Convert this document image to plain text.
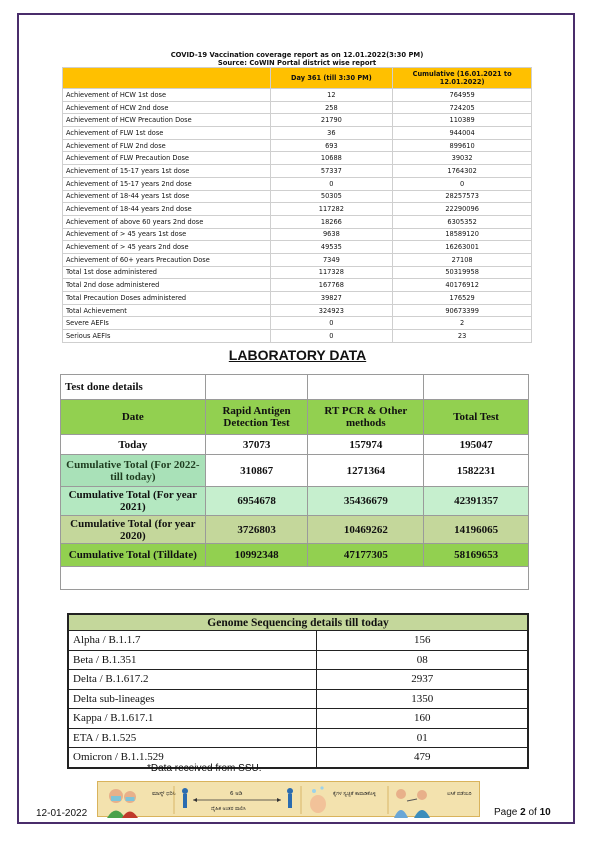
COVID-19 Vaccination coverage report as on 12.01.2022(3:30 PM)		
Source: CoWIN Portal district wise report		
	Day 361 (till 3:30 PM)	Cumulative (16.01.2021 to 12.01.2022)
Achievement of HCW 1st dose	12	764959
Achievement of HCW 2nd dose	258	724205
Achievement of HCW Precaution Dose	21790	110389
Achievement of FLW 1st dose	36	944004
Achievement of FLW 2nd dose	693	899610
Achievement of FLW Precaution Dose	10688	39032
Achievement of 15-17 years 1st dose	57337	1764302
Achievement of 15-17 years 2nd dose	0	0
Achievement of 18-44 years 1st dose	50305	28257573
Achievement of 18-44 years 2nd dose	117282	22290096
Achievement of above 60 years 2nd dose	18266	6305352
Achievement of > 45 years 1st dose	9638	18589120
Achievement of > 45 years 2nd dose	49535	16263001
Achievement of 60+ years Precaution Dose	7349	27108
Total 1st dose administered	117328	50319958
Total 2nd dose administered	167768	40176912
Total Precaution Doses administered	39827	176529
Total Achievement	324923	90673399
Severe AEFIs	0	2
Serious AEFIs	0	23
LABORATORY DATA
Test done details			
Date	Rapid Antigen Detection Test	RT PCR & Other methods	Total Test
Today	37073	157974	195047
Cumulative Total (For 2022- till today)	310867	1271364	1582231
Cumulative Total (For year 2021)	6954678	35436679	42391357
Cumulative Total (for year 2020)	3726803	10469262	14196065
Cumulative Total (Tilldate)	10992348	47177305	58169653

Genome Sequencing details till today	
Alpha / B.1.1.7	156
Beta / B.1.351	08
Delta / B.1.617.2	2937
Delta sub-lineages	1350
Kappa / B.1.617.1	160
ETA / B.1.525	01
Omicron / B.1.1.529	479
*Data received from SSU.
ಮಾಸ್ಕ್ ಧರಿಸಿ	6 ಅಡಿ
ದೈಹಿಕ ಅಂತರ ಪಾಲಿಸಿ
ಕೈಗಳ ಸ್ವಚ್ಛತೆ ಕಾಪಾಡಿಕೊಳ್ಳಿ	ಲಸಿಕೆ ಪಡೆಯಿರಿ
12-01-2022	Page 2 of 10
